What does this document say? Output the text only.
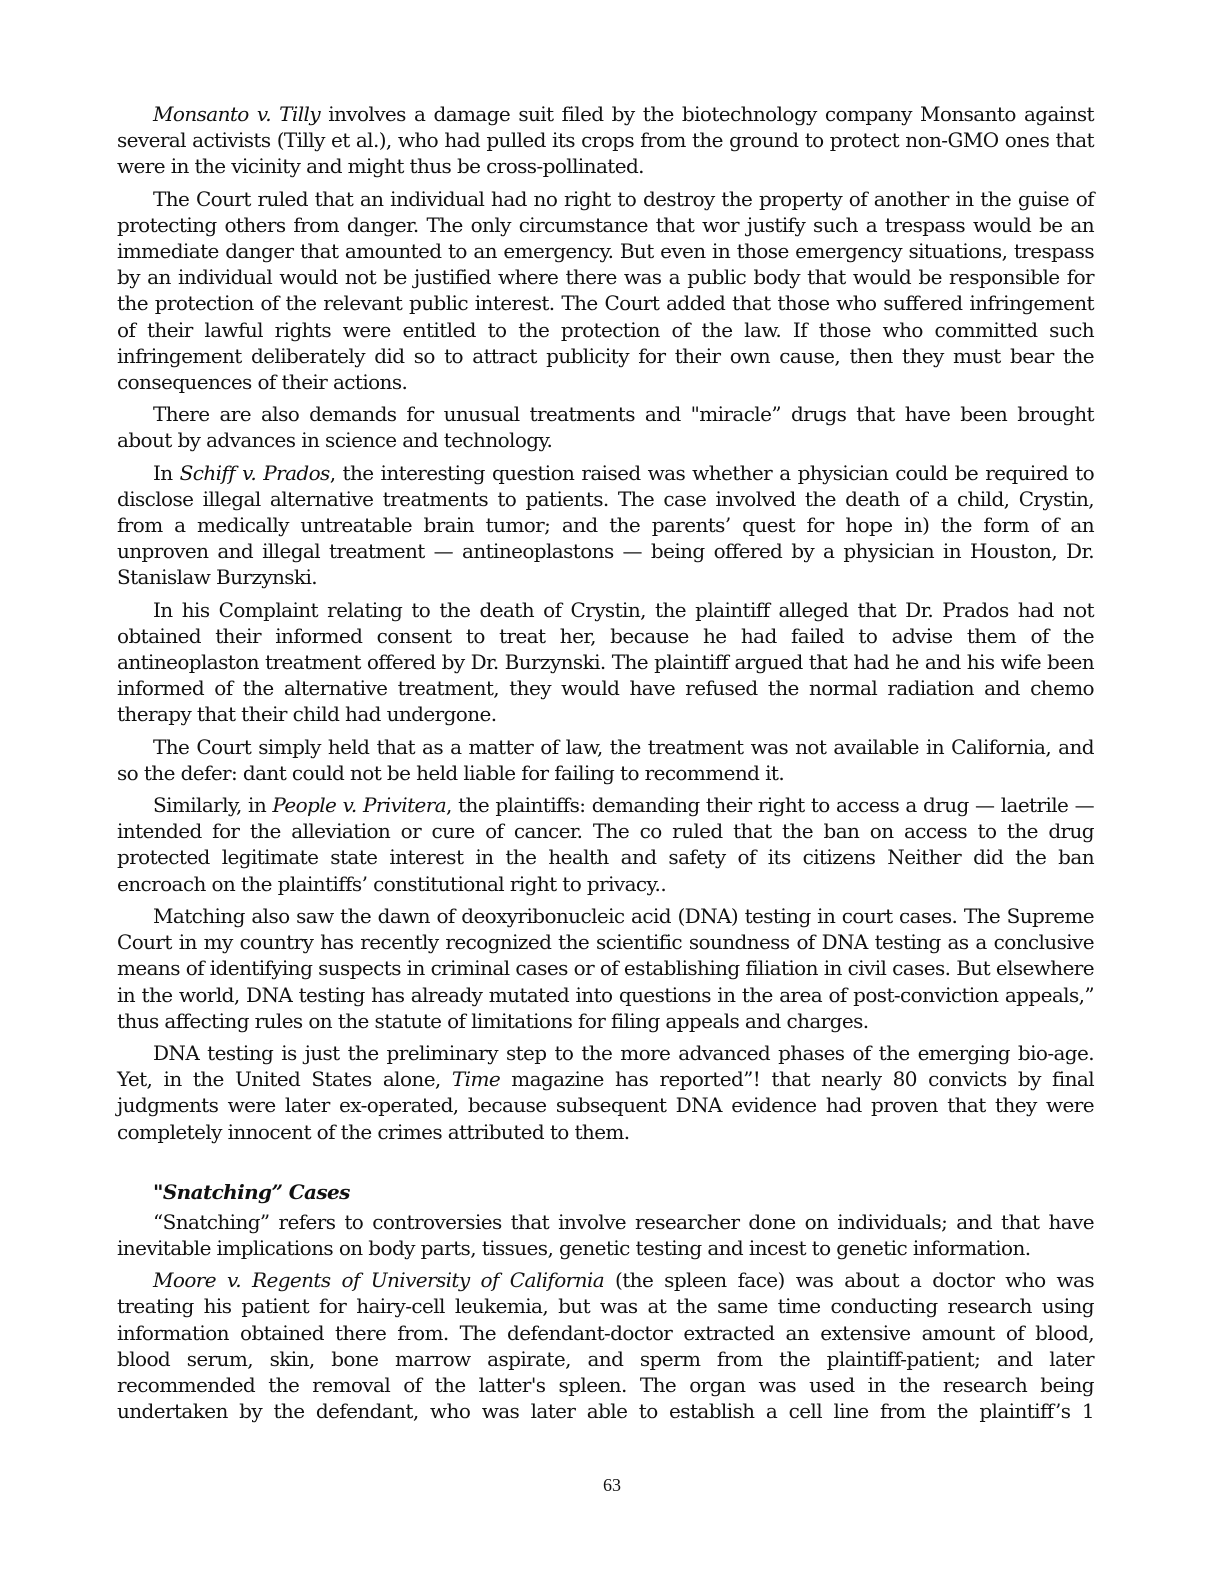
Monsanto v. Tilly involves a damage suit filed by the biotechnology company Monsanto against several activists (Tilly et al.), who had pulled its crops from the ground to protect non-GMO ones that were in the vicinity and might thus be cross-pollinated.

The Court ruled that an individual had no right to destroy the property of another in the guise of protecting others from danger. The only circumstance that wor justify such a trespass would be an immediate danger that amounted to an emergency. But even in those emergency situations, trespass by an individual would not be justified where there was a public body that would be responsible for the protection of the relevant public interest. The Court added that those who suffered infringement of their lawful rights were entitled to the protection of the law. If those who committed such infringement deliberately did so to attract publicity for their own cause, then they must bear the consequences of their actions.

There are also demands for unusual treatments and "miracle” drugs that have been brought about by advances in science and technology.

In Schiff v. Prados, the interesting question raised was whether a physician could be required to disclose illegal alternative treatments to patients. The case involved the death of a child, Crystin, from a medically untreatable brain tumor; and the parents’ quest for hope in) the form of an unproven and illegal treatment — antineoplastons — being offered by a physician in Houston, Dr. Stanislaw Burzynski.

In his Complaint relating to the death of Crystin, the plaintiff alleged that Dr. Prados had not obtained their informed consent to treat her, because he had failed to advise them of the antineoplaston treatment offered by Dr. Burzynski. The plaintiff argued that had he and his wife been informed of the alternative treatment, they would have refused the normal radiation and chemo therapy that their child had undergone.

The Court simply held that as a matter of law, the treatment was not available in California, and so the defer: dant could not be held liable for failing to recommend it.

Similarly, in People v. Privitera, the plaintiffs: demanding their right to access a drug — laetrile — intended for the alleviation or cure of cancer. The co ruled that the ban on access to the drug protected legitimate state interest in the health and safety of its citizens Neither did the ban encroach on the plaintiffs’ constitutional right to privacy..

Matching also saw the dawn of deoxyribonucleic acid (DNA) testing in court cases. The Supreme Court in my country has recently recognized the scientific soundness of DNA testing as a conclusive means of identifying suspects in criminal cases or of establishing filiation in civil cases. But elsewhere in the world, DNA testing has already mutated into questions in the area of post-conviction appeals,” thus affecting rules on the statute of limitations for filing appeals and charges.

DNA testing is just the preliminary step to the more advanced phases of the emerging bio-age. Yet, in the United States alone, Time magazine has reported”! that nearly 80 convicts by final judgments were later ex-operated, because subsequent DNA evidence had proven that they were completely innocent of the crimes attributed to them.

"Snatching” Cases

“Snatching” refers to controversies that involve researcher done on individuals; and that have inevitable implications on body parts, tissues, genetic testing and incest to genetic information.

Moore v. Regents of University of California (the spleen face) was about a doctor who was treating his patient for hairy-cell leukemia, but was at the same time conducting research using information obtained there from. The defendant-doctor extracted an extensive amount of blood, blood serum, skin, bone marrow aspirate, and sperm from the plaintiff-patient; and later recommended the removal of the latter's spleen. The organ was used in the research being undertaken by the defendant, who was later able to establish a cell line from the plaintiff’s 1

63
